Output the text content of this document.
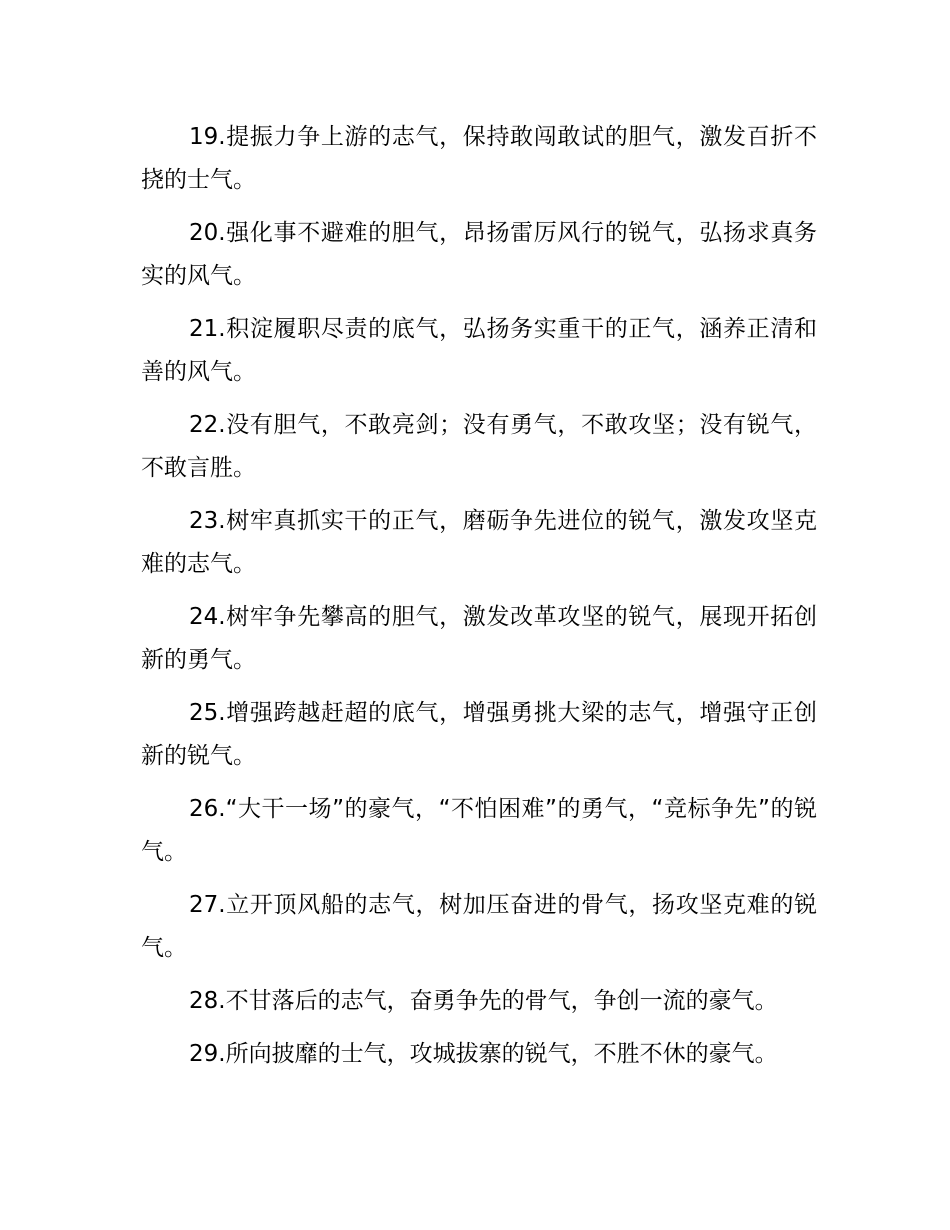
19.提振力争上游的志气，保持敢闯敢试的胆气，激发百折不挠的士气。

20.强化事不避难的胆气，昂扬雷厉风行的锐气，弘扬求真务实的风气。

21.积淀履职尽责的底气，弘扬务实重干的正气，涵养正清和善的风气。

22.没有胆气，不敢亮剑；没有勇气，不敢攻坚；没有锐气，不敢言胜。

23.树牢真抓实干的正气，磨砺争先进位的锐气，激发攻坚克难的志气。

24.树牢争先攀高的胆气，激发改革攻坚的锐气，展现开拓创新的勇气。

25.增强跨越赶超的底气，增强勇挑大梁的志气，增强守正创新的锐气。

26.“大干一场”的豪气，“不怕困难”的勇气，“竞标争先”的锐气。

27.立开顶风船的志气，树加压奋进的骨气，扬攻坚克难的锐气。

28.不甘落后的志气，奋勇争先的骨气，争创一流的豪气。

29.所向披靡的士气，攻城拔寨的锐气，不胜不休的豪气。
